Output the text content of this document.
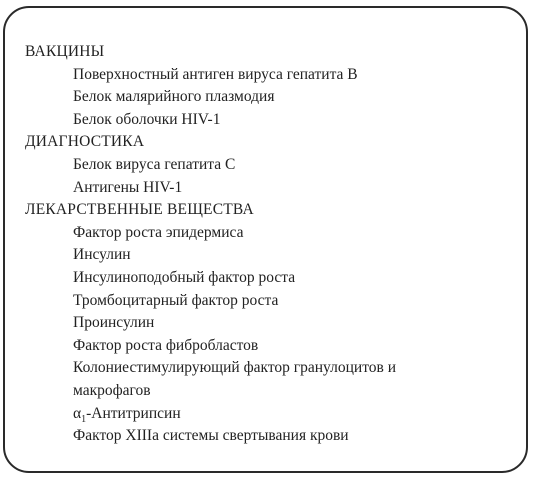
ВАКЦИНЫ
Поверхностный антиген вируса гепатита В
Белок малярийного плазмодия
Белок оболочки HIV-1
ДИАГНОСТИКА
Белок вируса гепатита С
Антигены HIV-1
ЛЕКАРСТВЕННЫЕ ВЕЩЕСТВА
Фактор роста эпидермиса
Инсулин
Инсулиноподобный фактор роста
Тромбоцитарный фактор роста
Проинсулин
Фактор роста фибробластов
Колониестимулирующий фактор гранулоцитов и
макрофагов
$\alpha_1$-Антитрипсин
Фактор XIIIa системы свертывания крови
